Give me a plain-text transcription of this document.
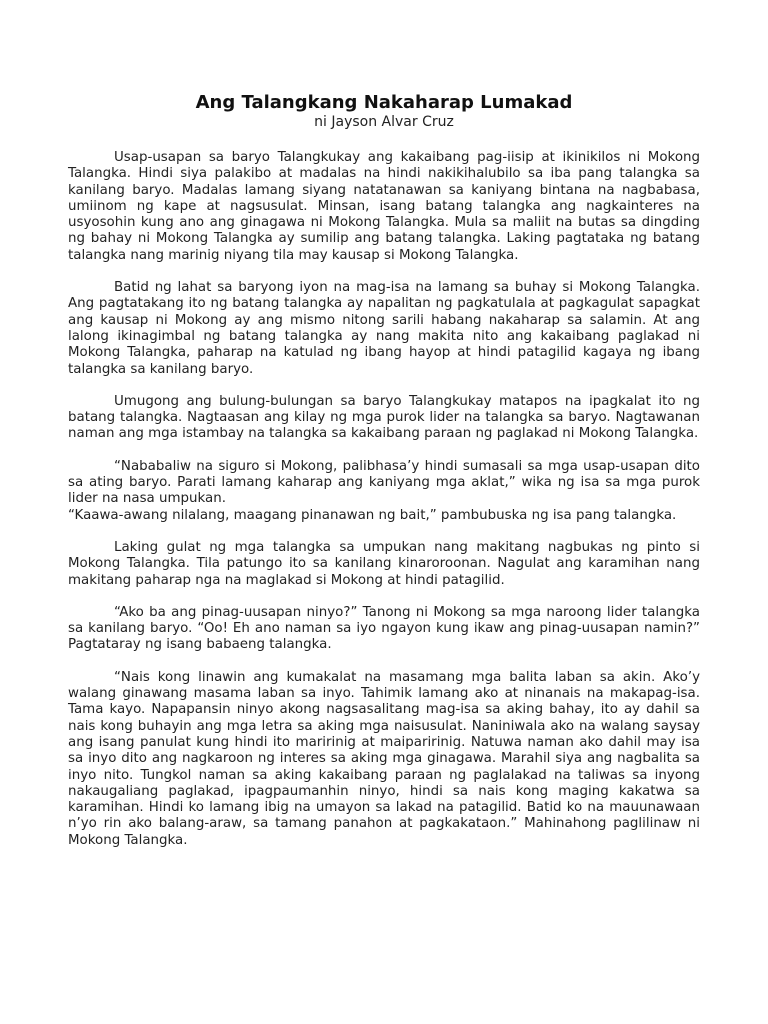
Ang Talangkang Nakaharap Lumakad

ni Jayson Alvar Cruz

Usap-usapan sa baryo Talangkukay ang kakaibang pag-iisip at ikinikilos ni Mokong Talangka. Hindi siya palakibo at madalas na hindi nakikihalubilo sa iba pang talangka sa kanilang baryo. Madalas lamang siyang natatanawan sa kaniyang bintana na nagbabasa, umiinom ng kape at nagsusulat. Minsan, isang batang talangka ang nagkainteres na usyosohin kung ano ang ginagawa ni Mokong Talangka. Mula sa maliit na butas sa dingding ng bahay ni Mokong Talangka ay sumilip ang batang talangka. Laking pagtataka ng batang talangka nang marinig niyang tila may kausap si Mokong Talangka.

Batid ng lahat sa baryong iyon na mag-isa na lamang sa buhay si Mokong Talangka. Ang pagtatakang ito ng batang talangka ay napalitan ng pagkatulala at pagkagulat sapagkat ang kausap ni Mokong ay ang mismo nitong sarili habang nakaharap sa salamin. At ang lalong ikinagimbal ng batang talangka ay nang makita nito ang kakaibang paglakad ni Mokong Talangka, paharap na katulad ng ibang hayop at hindi patagilid kagaya ng ibang talangka sa kanilang baryo.

Umugong ang bulung-bulungan sa baryo Talangkukay matapos na ipagkalat ito ng batang talangka. Nagtaasan ang kilay ng mga purok lider na talangka sa baryo. Nagtawanan naman ang mga istambay na talangka sa kakaibang paraan ng paglakad ni Mokong Talangka.

“Nababaliw na siguro si Mokong, palibhasa’y hindi sumasali sa mga usap-usapan dito sa ating baryo. Parati lamang kaharap ang kaniyang mga aklat,” wika ng isa sa mga purok lider na nasa umpukan.

“Kaawa-awang nilalang, maagang pinanawan ng bait,” pambubuska ng isa pang talangka.

Laking gulat ng mga talangka sa umpukan nang makitang nagbukas ng pinto si Mokong Talangka. Tila patungo ito sa kanilang kinaroroonan. Nagulat ang karamihan nang makitang paharap nga na maglakad si Mokong at hindi patagilid.

“Ako ba ang pinag-uusapan ninyo?” Tanong ni Mokong sa mga naroong lider talangka sa kanilang baryo. “Oo! Eh ano naman sa iyo ngayon kung ikaw ang pinag-uusapan namin?” Pagtataray ng isang babaeng talangka.

“Nais kong linawin ang kumakalat na masamang mga balita laban sa akin. Ako’y walang ginawang masama laban sa inyo. Tahimik lamang ako at ninanais na makapag-isa. Tama kayo. Napapansin ninyo akong nagsasalitang mag-isa sa aking bahay, ito ay dahil sa nais kong buhayin ang mga letra sa aking mga naisusulat. Naniniwala ako na walang saysay ang isang panulat kung hindi ito maririnig at maiparirinig. Natuwa naman ako dahil may isa sa inyo dito ang nagkaroon ng interes sa aking mga ginagawa. Marahil siya ang nagbalita sa inyo nito. Tungkol naman sa aking kakaibang paraan ng paglalakad na taliwas sa inyong nakaugaliang paglakad, ipagpaumanhin ninyo, hindi sa nais kong maging kakatwa sa karamihan. Hindi ko lamang ibig na umayon sa lakad na patagilid. Batid ko na mauunawaan n’yo rin ako balang-araw, sa tamang panahon at pagkakataon.” Mahinahong paglilinaw ni Mokong Talangka.
